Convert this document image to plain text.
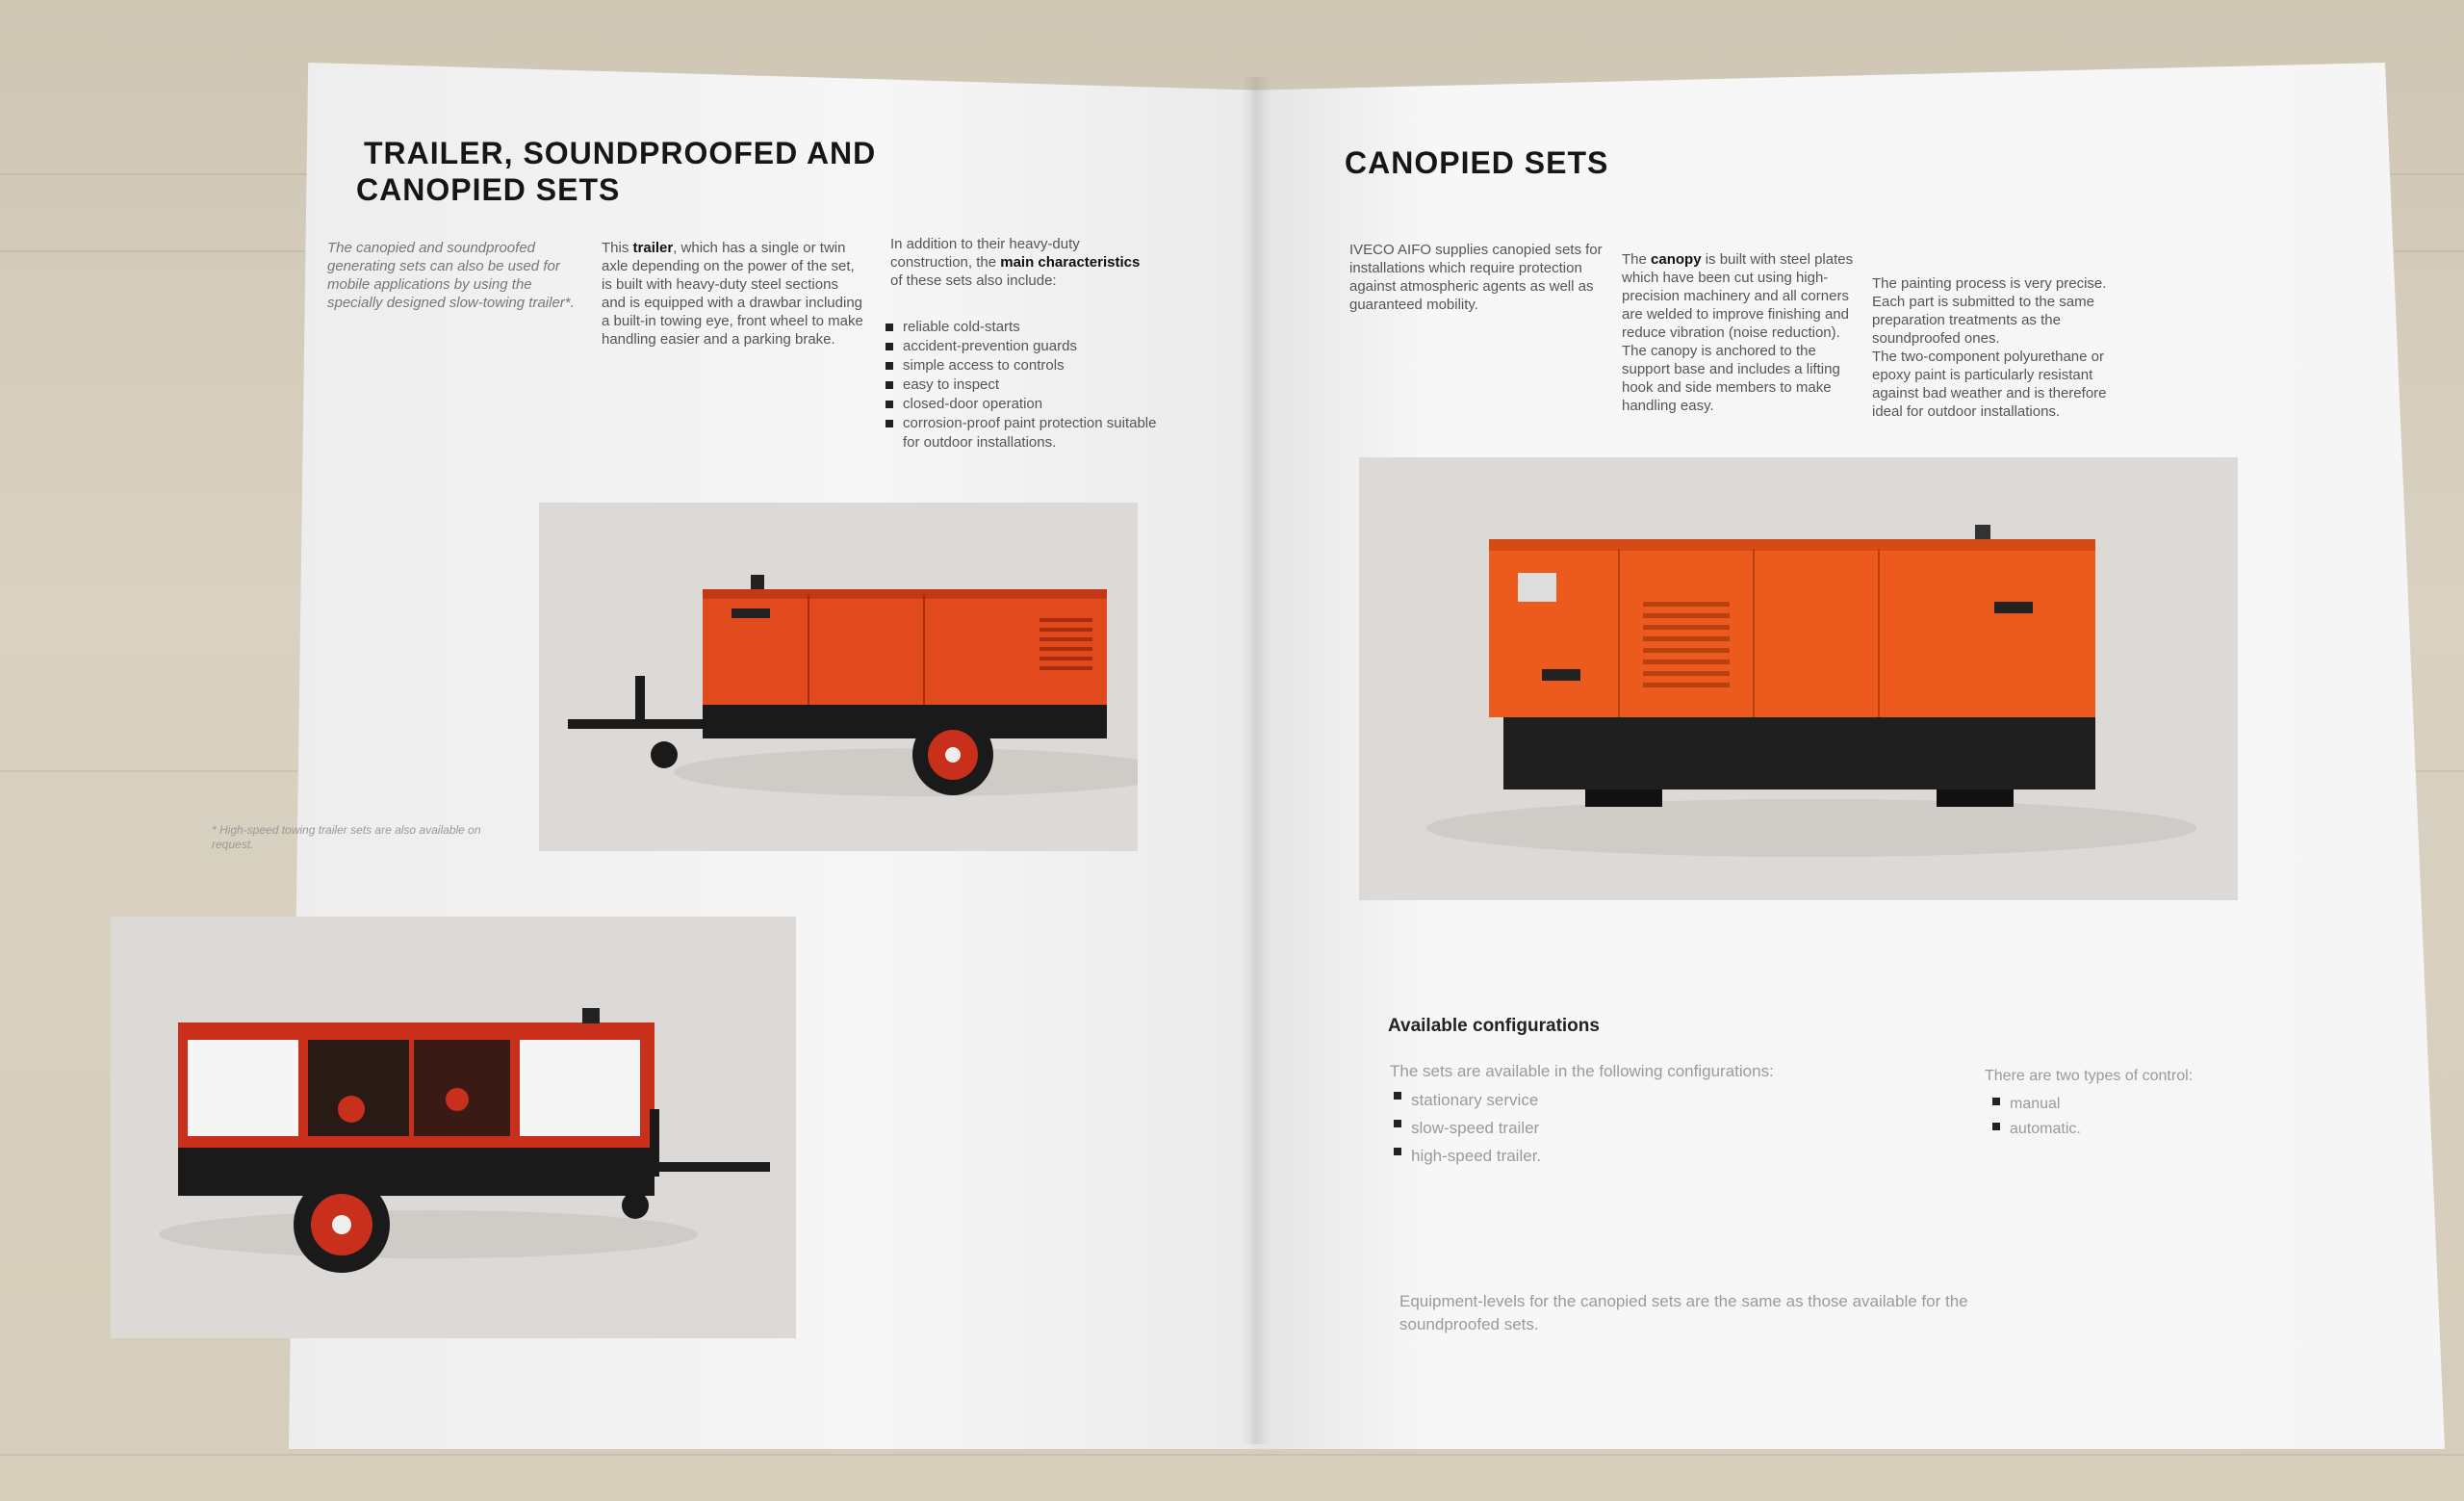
TRAILER, SOUNDPROOFED AND
CANOPIED SETS
The canopied and soundproofed generating sets can also be used for mobile applications by using the specially designed slow-towing trailer*.
This trailer, which has a single or twin axle depending on the power of the set, is built with heavy-duty steel sections and is equipped with a drawbar including a built-in towing eye, front wheel to make handling easier and a parking brake.
In addition to their heavy-duty construction, the main characteristics of these sets also include:
reliable cold-starts
accident-prevention guards
simple access to controls
easy to inspect
closed-door operation
corrosion-proof paint protection suitable for outdoor installations.
* High-speed towing trailer sets are also available on request.
CANOPIED SETS
IVECO AIFO supplies canopied sets for installations which require protection against atmospheric agents as well as guaranteed mobility.
The canopy is built with steel plates which have been cut using high-precision machinery and all corners are welded to improve finishing and reduce vibration (noise reduction).
The canopy is anchored to the support base and includes a lifting hook and side members to make handling easy.
The painting process is very precise. Each part is submitted to the same preparation treatments as the soundproofed ones.
The two-component polyurethane or epoxy paint is particularly resistant against bad weather and is therefore ideal for outdoor installations.
Available configurations
The sets are available in the following configurations:
stationary service
slow-speed trailer
high-speed trailer.
There are two types of control:
manual
automatic.
Equipment-levels for the canopied sets are the same as those available for the soundproofed sets.
